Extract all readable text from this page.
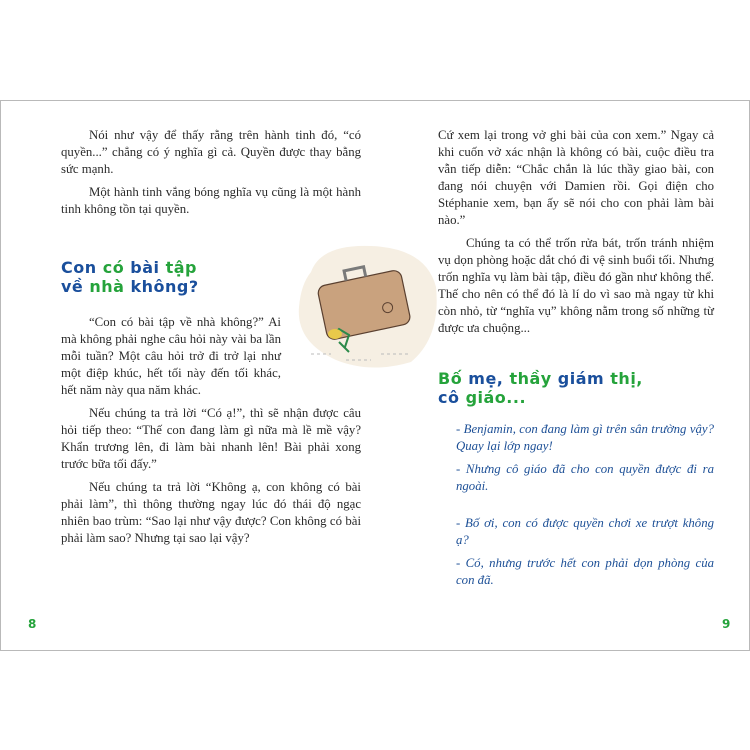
Nói như vậy để thấy rằng trên hành tinh đó, “có quyền...” chẳng có ý nghĩa gì cả. Quyền được thay bằng sức mạnh.

Một hành tinh vắng bóng nghĩa vụ cũng là một hành tinh không tồn tại quyền.

Con có bài tập
về nhà không?

“Con có bài tập về nhà không?” Ai mà không phải nghe câu hỏi này vài ba lần mỗi tuần? Một câu hỏi trở đi trở lại như một điệp khúc, hết tối này đến tối khác, hết năm này qua năm khác.

Nếu chúng ta trả lời “Có ạ!”, thì sẽ nhận được câu hỏi tiếp theo: “Thế con đang làm gì nữa mà lề mề vậy? Khẩn trương lên, đi làm bài nhanh lên! Bài phải xong trước bữa tối đấy.”

Nếu chúng ta trả lời “Không ạ, con không có bài phải làm”, thì thông thường ngay lúc đó thái độ ngạc nhiên bao trùm: “Sao lại như vậy được? Con không có bài phải làm sao? Nhưng tại sao lại vậy?

Cứ xem lại trong vở ghi bài của con xem.” Ngay cả khi cuốn vở xác nhận là không có bài, cuộc điều tra vẫn tiếp diễn: “Chắc chắn là lúc thầy giao bài, con đang nói chuyện với Damien rồi. Gọi điện cho Stéphanie xem, bạn ấy sẽ nói cho con phải làm bài nào.”

Chúng ta có thể trốn rửa bát, trốn tránh nhiệm vụ dọn phòng hoặc dắt chó đi vệ sinh buổi tối. Nhưng trốn nghĩa vụ làm bài tập, điều đó gần như không thể. Thế cho nên có thể đó là lí do vì sao mà ngay từ khi còn nhỏ, từ “nghĩa vụ” không nằm trong số những từ được ưa chuộng...

Bố mẹ, thầy giám thị,
cô giáo...

- Benjamin, con đang làm gì trên sân trường vậy? Quay lại lớp ngay!

- Nhưng cô giáo đã cho con quyền được đi ra ngoài.

- Bố ơi, con có được quyền chơi xe trượt không ạ?

- Có, nhưng trước hết con phải dọn phòng của con đã.

8	9
